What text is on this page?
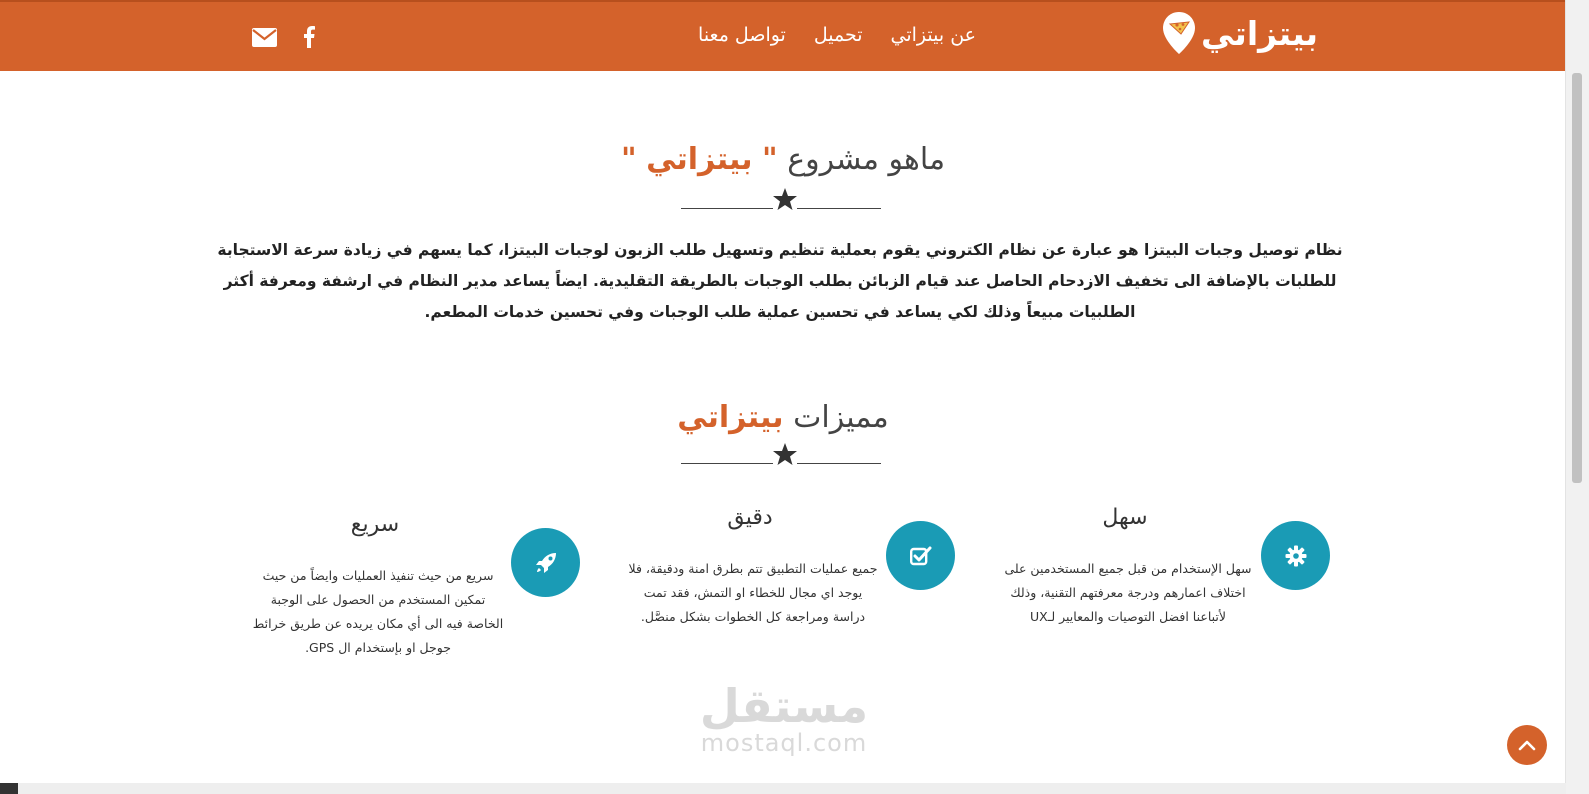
بيتزاتي
عن بيتزاتي
تحميل
تواصل معنا
ماهو مشروع " بيتزاتي "
نظام توصيل وجبات البيتزا هو عبارة عن نظام الكتروني يقوم بعملية تنظيم وتسهيل طلب الزبون لوجبات البيتزا، كما يسهم في زيادة سرعة الاستجابة للطلبات بالإضافة الى تخفيف الازدحام الحاصل عند قيام الزبائن بطلب الوجبات بالطريقة التقليدية. ايضاً يساعد مدير النظام في ارشفة ومعرفة أكثر الطلبيات مبيعاً وذلك لكي يساعد في تحسين عملية طلب الوجبات وفي تحسين خدمات المطعم.
مميزات بيتزاتي
سهل
سهل الإستخدام من قبل جميع المستخدمين على اختلاف اعمارهم ودرجة معرفتهم التقنية، وذلك لأتباعنا افضل التوصيات والمعايير لـUX
دقيق
جميع عمليات التطبيق تتم بطرق امنة ودقيقة، فلا يوجد اي مجال للخطاء او التمش، فقد تمت دراسة ومراجعة كل الخطوات بشكل منصَّل.
سريع
سريع من حيث تنفيذ العمليات وايضاً من حيث تمكين المستخدم من الحصول على الوجبة الخاصة فيه الى أي مكان يريده عن طريق خرائط جوجل او بإستخدام ال GPS.
مستقل
mostaql.com
